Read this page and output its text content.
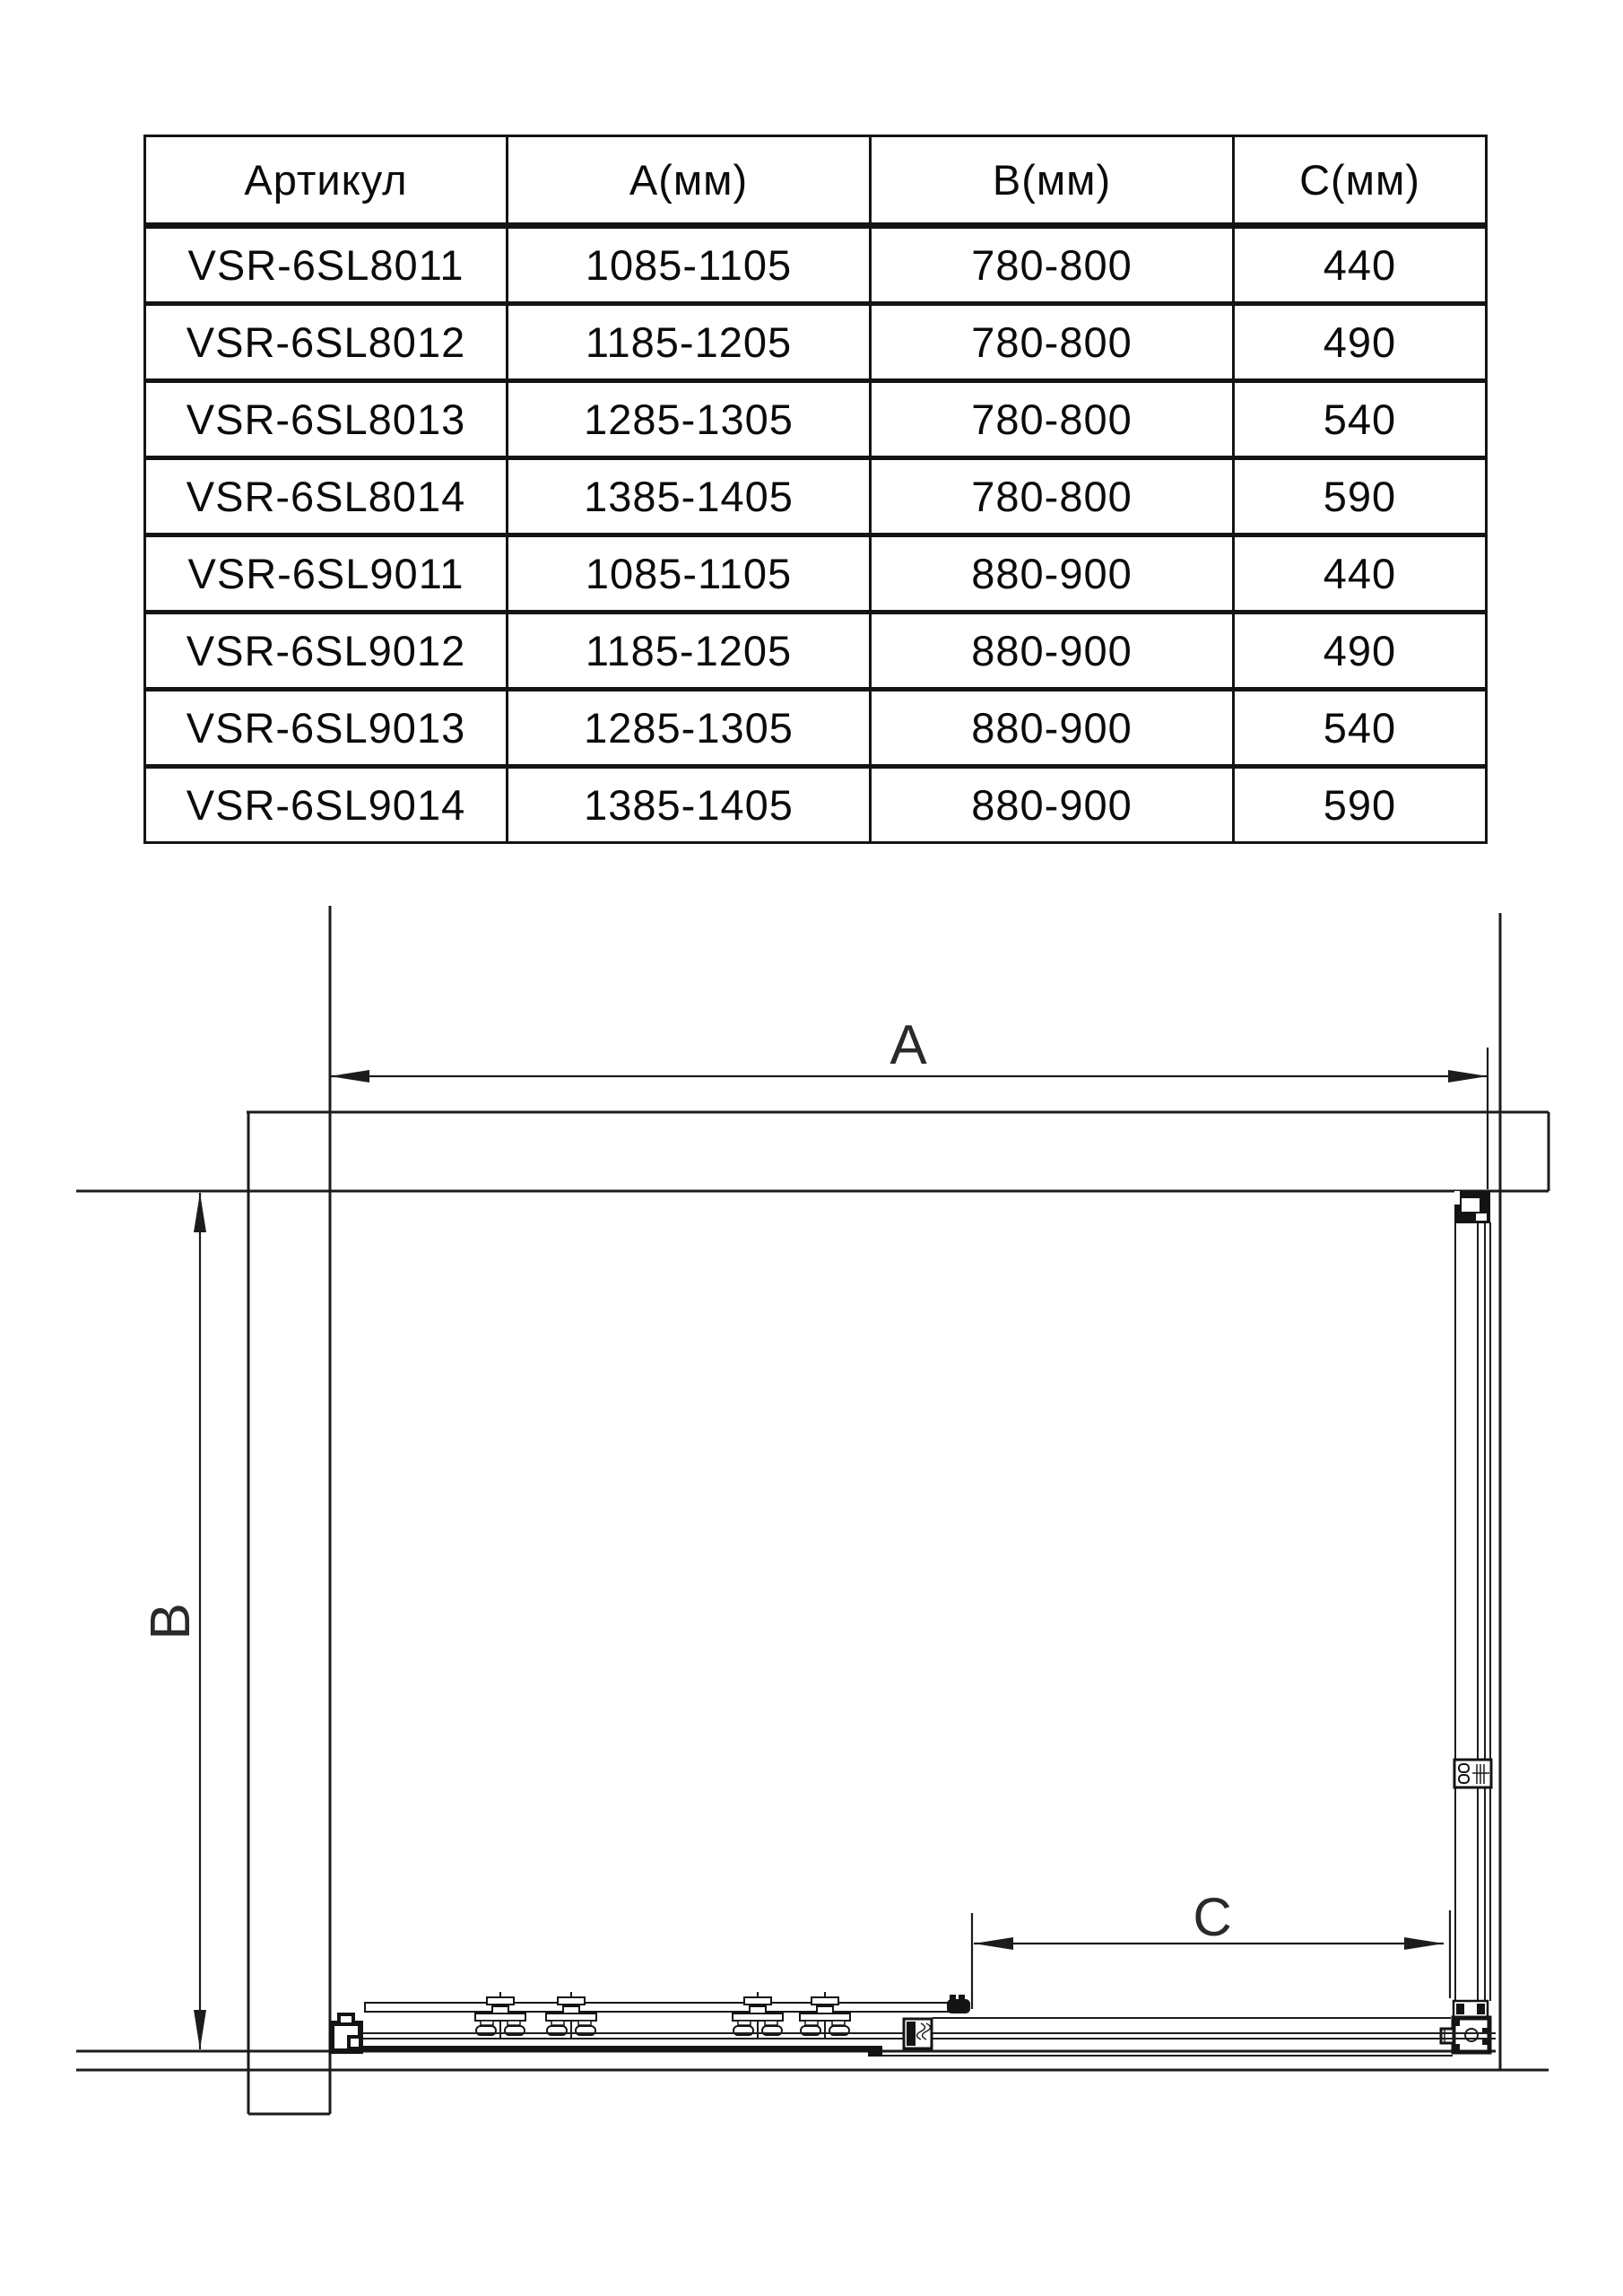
Артикул	А(мм)	В(мм)	С(мм)
VSR-6SL8011	1085-1105	780-800	440
VSR-6SL8012	1185-1205	780-800	490
VSR-6SL8013	1285-1305	780-800	540
VSR-6SL8014	1385-1405	780-800	590
VSR-6SL9011	1085-1105	880-900	440
VSR-6SL9012	1185-1205	880-900	490
VSR-6SL9013	1285-1305	880-900	540
VSR-6SL9014	1385-1405	880-900	590
A
B
C
